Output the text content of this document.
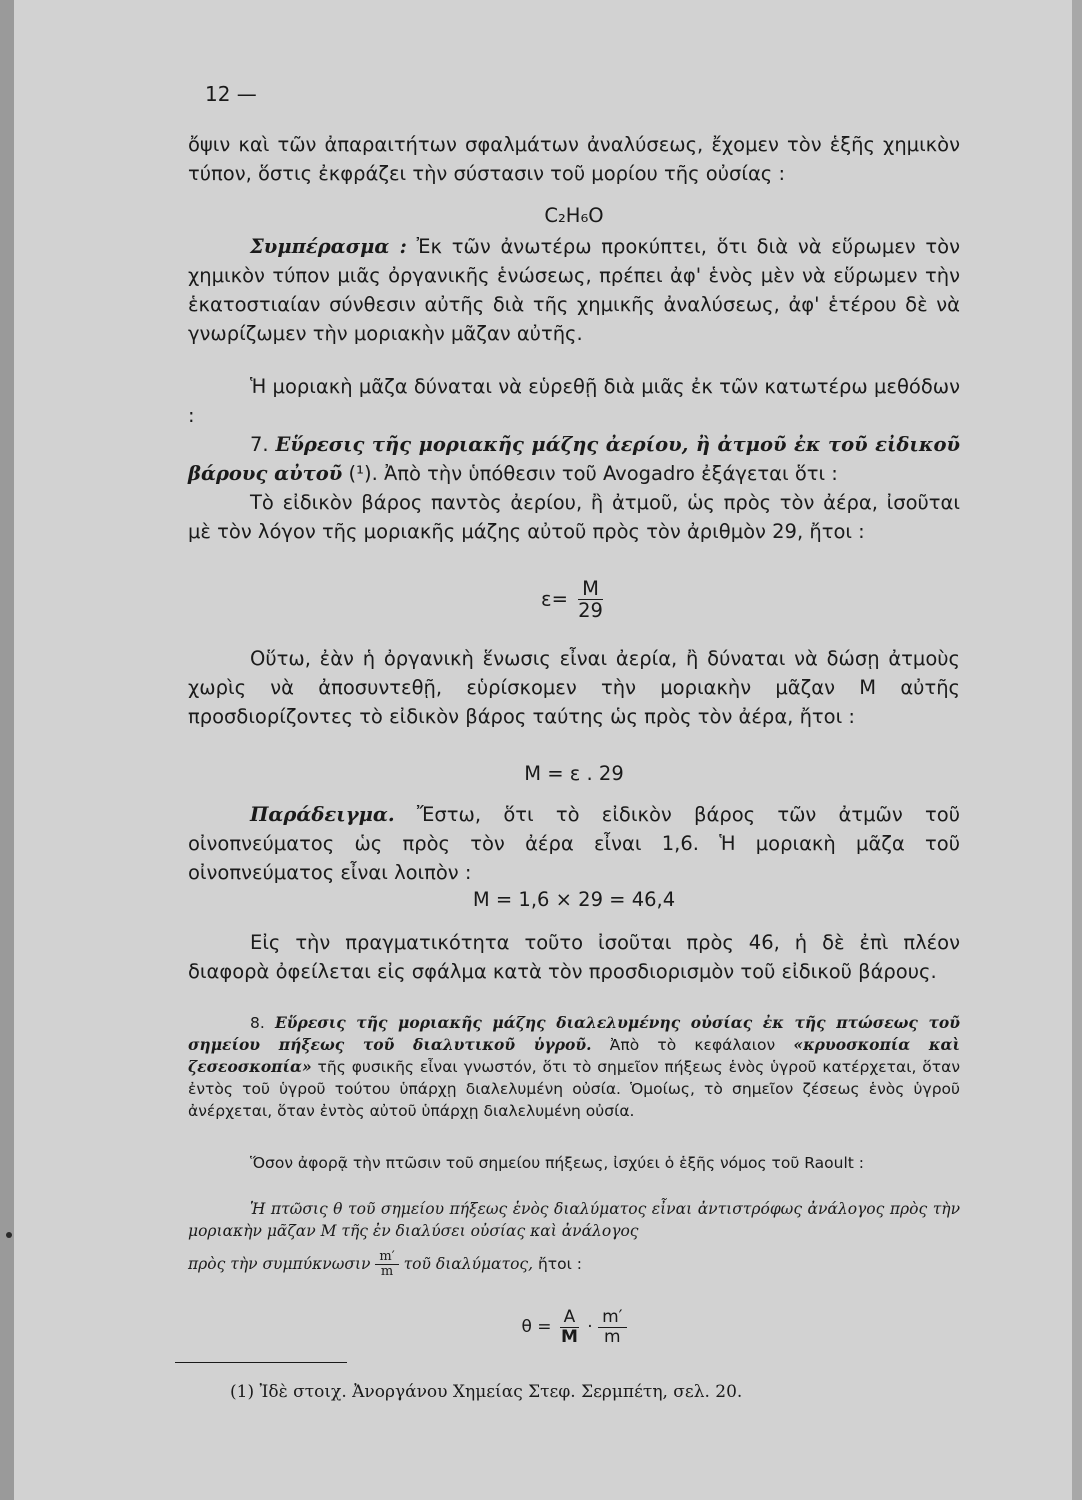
12 —

ὄψιν καὶ τῶν ἀπαραιτήτων σφαλμάτων ἀναλύσεως, ἔχομεν τὸν ἑξῆς χημικὸν τύπον, ὅστις ἐκφράζει τὴν σύστασιν τοῦ μορίου τῆς οὐσίας :

C₂H₆O

Συμπέρασμα : Ἐκ τῶν ἀνωτέρω προκύπτει, ὅτι διὰ νὰ εὕρωμεν τὸν χημικὸν τύπον μιᾶς ὀργανικῆς ἑνώσεως, πρέπει ἀφ' ἑνὸς μὲν νὰ εὕρωμεν τὴν ἑκατοστιαίαν σύνθεσιν αὐτῆς διὰ τῆς χημικῆς ἀναλύσεως, ἀφ' ἑτέρου δὲ νὰ γνωρίζωμεν τὴν μοριακὴν μᾶζαν αὐτῆς.

Ἡ μοριακὴ μᾶζα δύναται νὰ εὑρεθῇ διὰ μιᾶς ἐκ τῶν κατωτέρω μεθόδων :

7. Εὕρεσις τῆς μοριακῆς μάζης ἀερίου, ἢ ἀτμοῦ ἐκ τοῦ εἰδικοῦ βάρους αὐτοῦ (¹). Ἀπὸ τὴν ὑπόθεσιν τοῦ Avogadro ἐξάγεται ὅτι :

Τὸ εἰδικὸν βάρος παντὸς ἀερίου, ἢ ἀτμοῦ, ὡς πρὸς τὸν ἀέρα, ἰσοῦται μὲ τὸν λόγον τῆς μοριακῆς μάζης αὐτοῦ πρὸς τὸν ἀριθμὸν 29, ἤτοι :

$\varepsilon= \frac{M}{29}$

Οὕτω, ἐὰν ἡ ὀργανικὴ ἕνωσις εἶναι ἀερία, ἢ δύναται νὰ δώσῃ ἀτμοὺς χωρὶς νὰ ἀποσυντεθῇ, εὑρίσκομεν τὴν μοριακὴν μᾶζαν M αὐτῆς προσδιορίζοντες τὸ εἰδικὸν βάρος ταύτης ὡς πρὸς τὸν ἀέρα, ἤτοι :

M = ε . 29

Παράδειγμα. Ἔστω, ὅτι τὸ εἰδικὸν βάρος τῶν ἀτμῶν τοῦ οἰνοπνεύματος ὡς πρὸς τὸν ἀέρα εἶναι 1,6. Ἡ μοριακὴ μᾶζα τοῦ οἰνοπνεύματος εἶναι λοιπὸν :

M = 1,6 × 29 = 46,4

Εἰς τὴν πραγματικότητα τοῦτο ἰσοῦται πρὸς 46, ἡ δὲ ἐπὶ πλέον διαφορὰ ὀφείλεται εἰς σφάλμα κατὰ τὸν προσδιορισμὸν τοῦ εἰδικοῦ βάρους.

8. Εὕρεσις τῆς μοριακῆς μάζης διαλελυμένης οὐσίας ἐκ τῆς πτώσεως τοῦ σημείου πήξεως τοῦ διαλυτικοῦ ὑγροῦ. Ἀπὸ τὸ κεφάλαιον «κρυοσκοπία καὶ ζεσεοσκοπία» τῆς φυσικῆς εἶναι γνωστόν, ὅτι τὸ σημεῖον πήξεως ἑνὸς ὑγροῦ κατέρχεται, ὅταν ἐντὸς τοῦ ὑγροῦ τούτου ὑπάρχῃ διαλελυμένη οὐσία. Ὁμοίως, τὸ σημεῖον ζέσεως ἑνὸς ὑγροῦ ἀνέρχεται, ὅταν ἐντὸς αὐτοῦ ὑπάρχῃ διαλελυμένη οὐσία.

Ὅσον ἀφορᾷ τὴν πτῶσιν τοῦ σημείου πήξεως, ἰσχύει ὁ ἑξῆς νόμος τοῦ Raoult :

Ἡ πτῶσις θ τοῦ σημείου πήξεως ἑνὸς διαλύματος εἶναι ἀντιστρόφως ἀνάλογος πρὸς τὴν μοριακὴν μᾶζαν M τῆς ἐν διαλύσει οὐσίας καὶ ἀνάλογος

πρὸς τὴν συμπύκνωσιν $\frac{m'}{m}$ τοῦ διαλύματος, ἤτοι :
$\theta = \frac{A}{M} \cdot \frac{m'}{m}$
(1) Ἰδὲ στοιχ. Ἀνοργάνου Χημείας Στεφ. Σερμπέτη, σελ. 20.
